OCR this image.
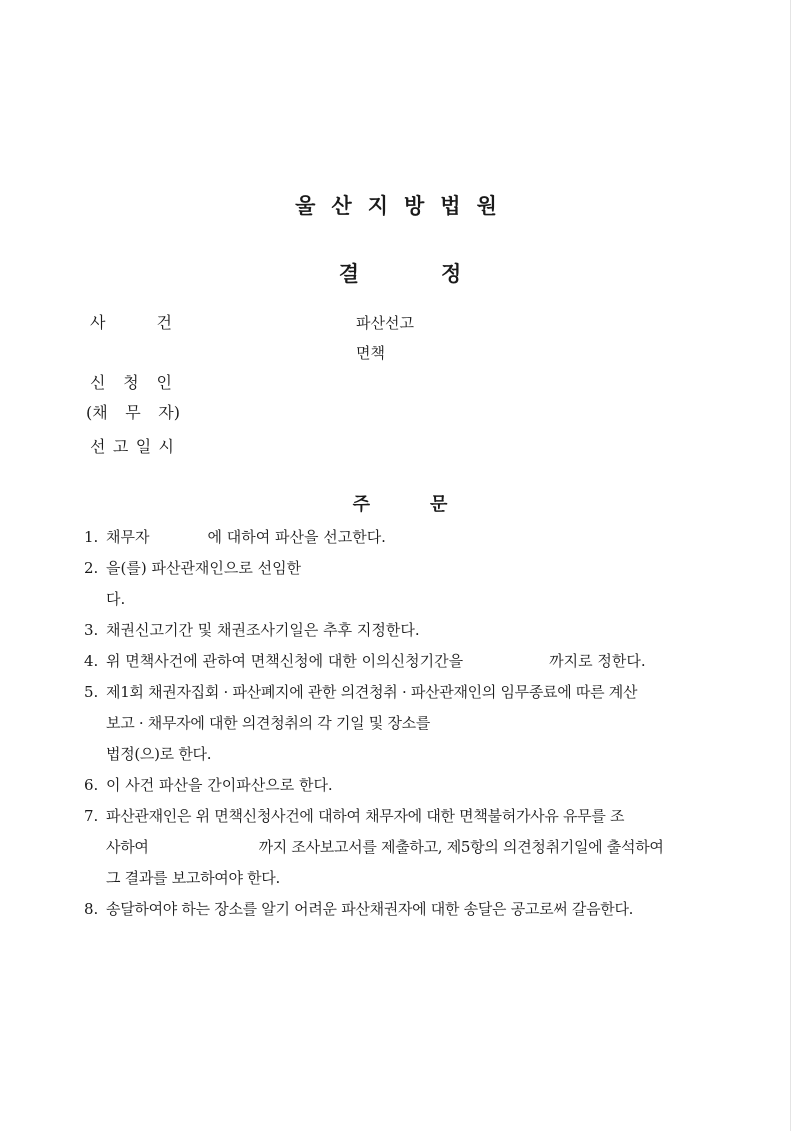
울산지방법원
결정
사	건	파산선고
면책
신 청 인
(채 무 자)
선 고 일 시
주문
1. 채무자	에 대하여 파산을 선고한다.
2. 을(를) 파산관재인으로 선임한
다.
3. 채권신고기간 및 채권조사기일은 추후 지정한다.
4. 위 면책사건에 관하여 면책신청에 대한 이의신청기간을	까지로 정한다.
5. 제1회 채권자집회 · 파산폐지에 관한 의견청취 · 파산관재인의 임무종료에 따른 계산
보고 · 채무자에 대한 의견청취의 각 기일 및 장소를
법정(으)로 한다.
6. 이 사건 파산을 간이파산으로 한다.
7. 파산관재인은 위 면책신청사건에 대하여 채무자에 대한 면책불허가사유 유무를 조
사하여	까지 조사보고서를 제출하고, 제5항의 의견청취기일에 출석하여
그 결과를 보고하여야 한다.
8. 송달하여야 하는 장소를 알기 어려운 파산채권자에 대한 송달은 공고로써 갈음한다.
